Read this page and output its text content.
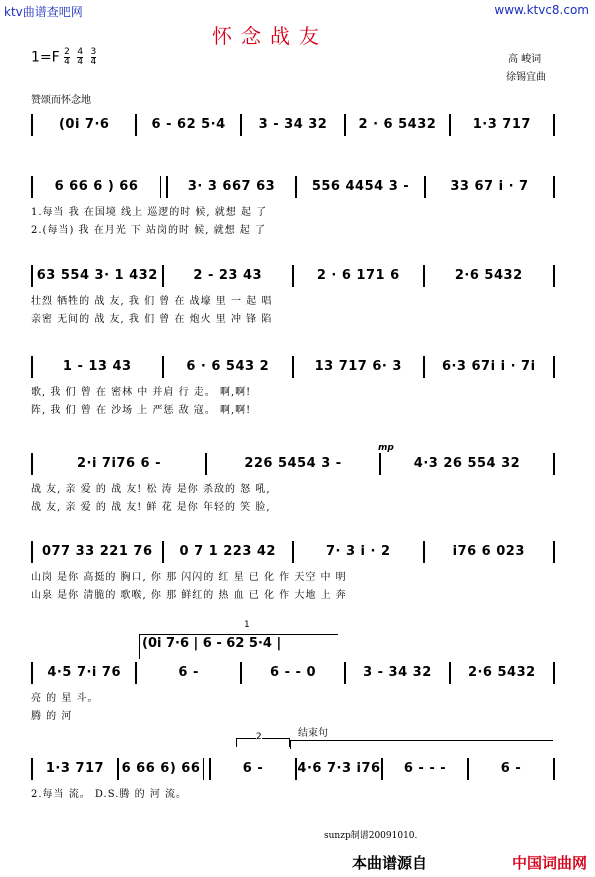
ktv曲谱查吧网	www.ktvc8.com
怀念战友
$1=F \frac{2}{4}$
$\frac{4}{4}$
$\frac{3}{4}$	高 峻词
徐锡宜曲
赞颂而怀念地
mp
(0i 7·6	6 - 62 5·4	3 - 34 32	2 · 6 5432	1·3 717
6 66 6 ) 66	3· 3 667 63	556 4454 3 -	33 67 i · 7
1.每当 我 在国境 线上 巡逻的时 候, 就想 起 了
2.(每当) 我 在月光 下 站岗的时 候, 就想 起 了
63 554 3· 1 432	2 - 23 43	2 · 6 171 6	2·6 5432
壮烈 牺牲的 战 友, 我 们 曾 在 战壕 里 一 起 唱
亲密 无间的 战 友, 我 们 曾 在 炮火 里 冲 锋 陷
1 - 13 43	6 · 6 543 2	13 717 6· 3	6·3 67i i · 7i
歌, 我 们 曾 在 密林 中 并肩 行 走。 啊,啊!
阵, 我 们 曾 在 沙场 上 严惩 敌 寇。 啊,啊!
2·i 7i76 6 -	226 5454 3 -	4·3 26 554 32
战 友, 亲 爱 的 战 友! 松 涛 是你 杀敌的 怒 吼,
战 友, 亲 爱 的 战 友! 鲜 花 是你 年轻的 笑 脸,
077 33 221 76	0 7 1 223 42	7· 3 i · 2	i76 6 023
山岗 是你 高挺的 胸口, 你 那 闪闪的 红 星 已 化 作 天空 中 明
山泉 是你 清脆的 歌喉, 你 那 鲜红的 热 血 已 化 作 大地 上 奔
4·5 7·i 76	6 -	6 - - 0	3 - 34 32	2·6 5432
亮 的 星 斗。
腾 的 河
1·3 717	6 66 6) 66	6 -	4·6 7·3 i76	6 - - -	6 -
2.每当 流。 D.S.腾 的 河 流。
(0i 7·6 | 6 - 62 5·4 |
1
2	结束句
sunzp制谱20091010.
本曲谱源自	中国词曲网
